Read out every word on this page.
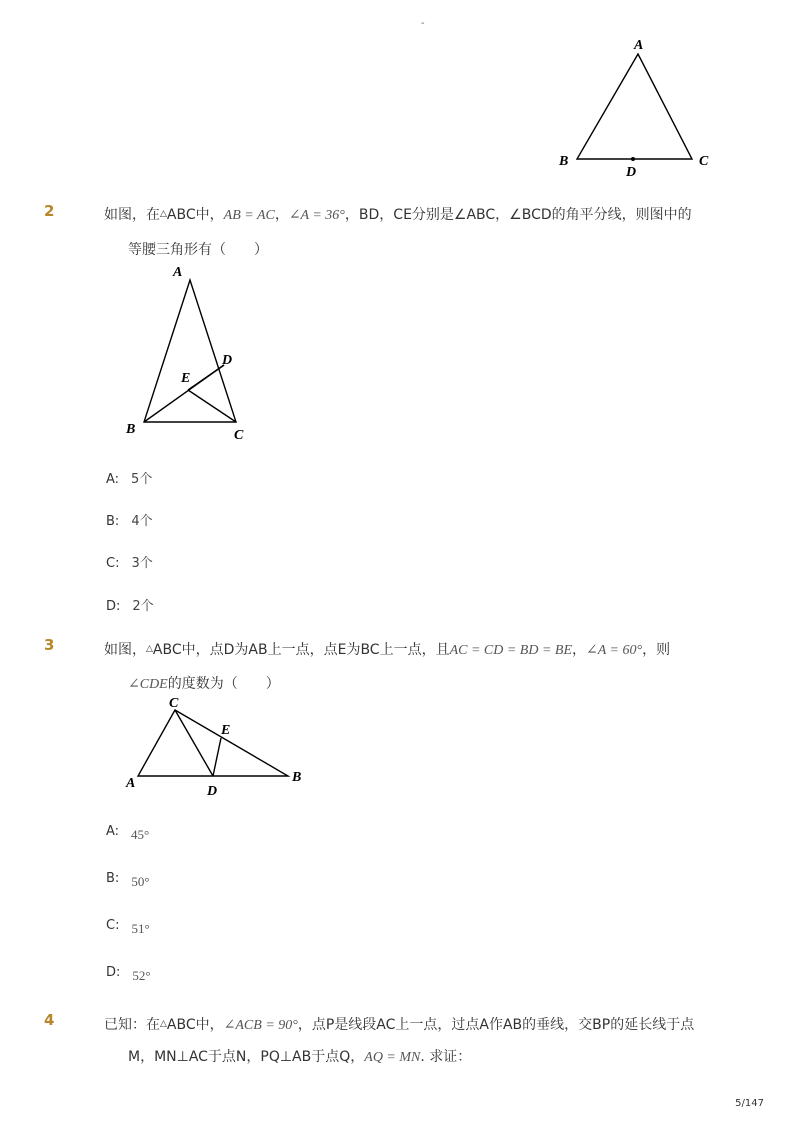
-
A
B	C
D
2	如图，在△ABC中，AB = AC，∠A = 36°，BD，CE分别是∠ABC，∠BCD的角平分线，则图中的
等腰三角形有（　　）
A
B	C
D
E
A: 5个
B: 4个
C: 3个
D: 2个
3	如图，△ABC中，点D为AB上一点，点E为BC上一点，且AC = CD = BD = BE，∠A = 60°，则
∠CDE的度数为（　　）
C
A	B
D
E
A: 45°
B: 50°
C: 51°
D: 52°
4	已知：在△ABC中，∠ACB = 90°，点P是线段AC上一点，过点A作AB的垂线，交BP的延长线于点
M，MN⊥AC于点N，PQ⊥AB于点Q，AQ = MN. 求证：
5/147
